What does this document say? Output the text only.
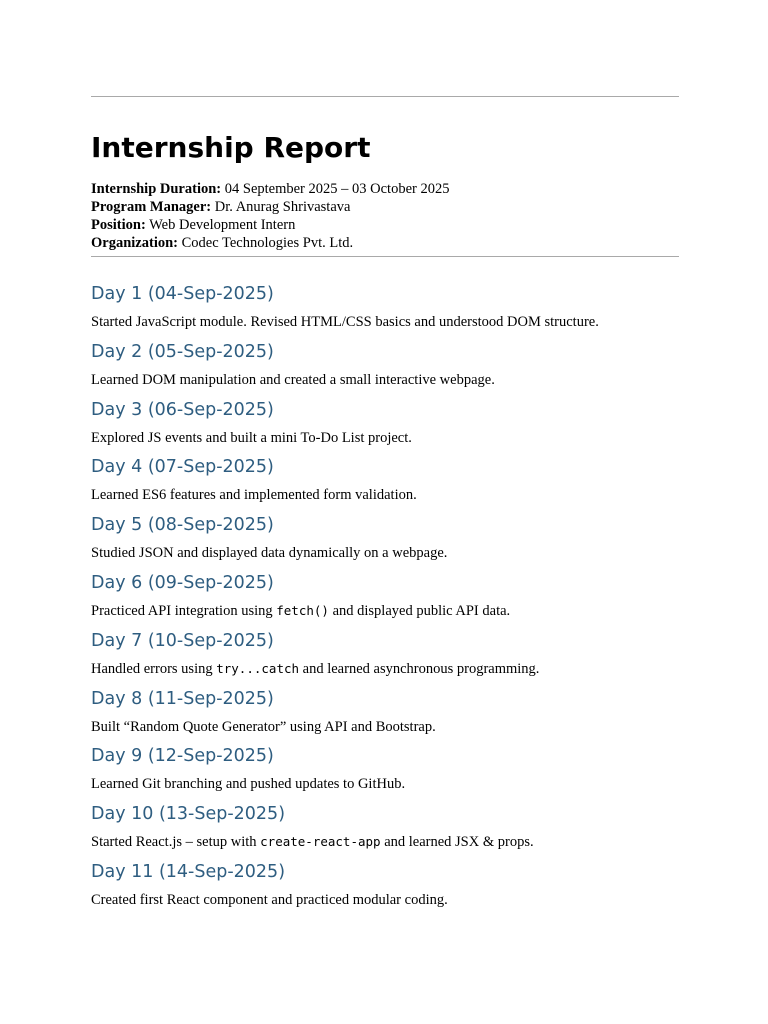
Internship Report
Internship Duration: 04 September 2025 – 03 October 2025
Program Manager: Dr. Anurag Shrivastava
Position: Web Development Intern
Organization: Codec Technologies Pvt. Ltd.
Day 1 (04-Sep-2025)
Started JavaScript module. Revised HTML/CSS basics and understood DOM structure.
Day 2 (05-Sep-2025)
Learned DOM manipulation and created a small interactive webpage.
Day 3 (06-Sep-2025)
Explored JS events and built a mini To-Do List project.
Day 4 (07-Sep-2025)
Learned ES6 features and implemented form validation.
Day 5 (08-Sep-2025)
Studied JSON and displayed data dynamically on a webpage.
Day 6 (09-Sep-2025)
Practiced API integration using fetch() and displayed public API data.
Day 7 (10-Sep-2025)
Handled errors using try...catch and learned asynchronous programming.
Day 8 (11-Sep-2025)
Built “Random Quote Generator” using API and Bootstrap.
Day 9 (12-Sep-2025)
Learned Git branching and pushed updates to GitHub.
Day 10 (13-Sep-2025)
Started React.js – setup with create-react-app and learned JSX & props.
Day 11 (14-Sep-2025)
Created first React component and practiced modular coding.
